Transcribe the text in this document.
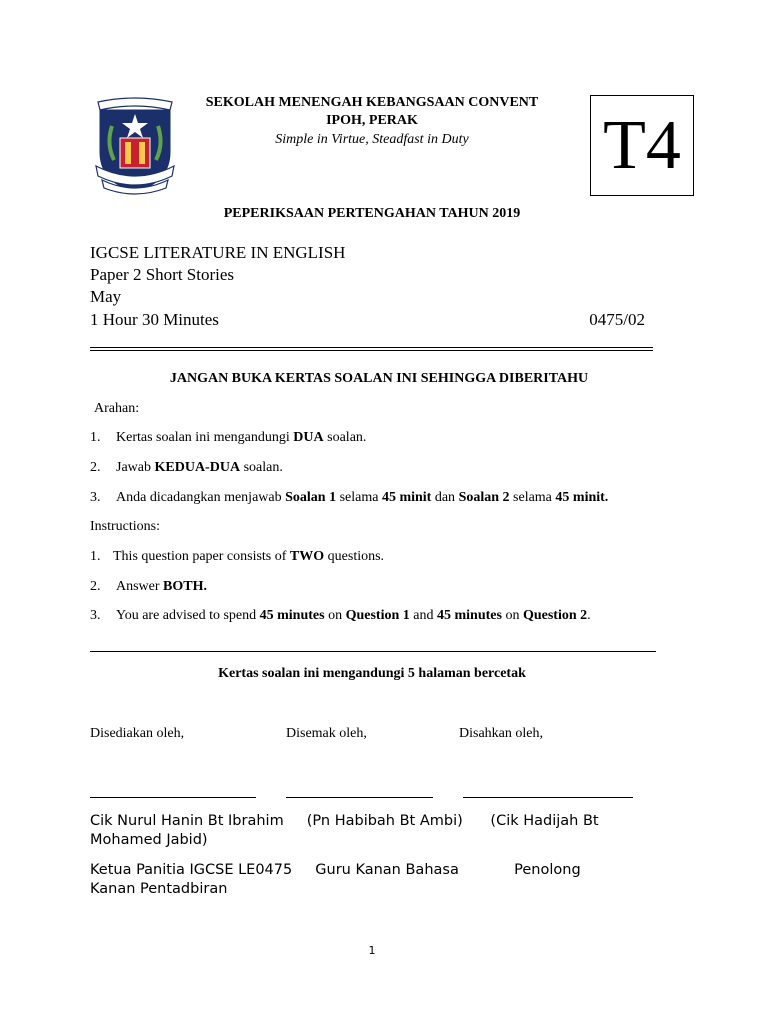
SEKOLAH MENENGAH KEBANGSAAN CONVENT
IPOH, PERAK
Simple in Virtue, Steadfast in Duty	T4
PEPERIKSAAN PERTENGAHAN TAHUN 2019
IGCSE LITERATURE IN ENGLISH
Paper 2 Short Stories
May
1 Hour 30 Minutes	0475/02
JANGAN BUKA KERTAS SOALAN INI SEHINGGA DIBERITAHU
Arahan:
1. Kertas soalan ini mengandungi DUA soalan.
2. Jawab KEDUA-DUA soalan.
3. Anda dicadangkan menjawab Soalan 1 selama 45 minit dan Soalan 2 selama 45 minit.
Instructions:
1. This question paper consists of TWO questions.
2. Answer BOTH.
3. You are advised to spend 45 minutes on Question 1 and 45 minutes on Question 2.
Kertas soalan ini mengandungi 5 halaman bercetak
Disediakan oleh,	Disemak oleh,	Disahkan oleh,
Cik Nurul Hanin Bt Ibrahim     (Pn Habibah Bt Ambi)      (Cik Hadijah Bt
Mohamed Jabid)
Ketua Panitia IGCSE LE0475     Guru Kanan Bahasa            Penolong
Kanan Pentadbiran
1
